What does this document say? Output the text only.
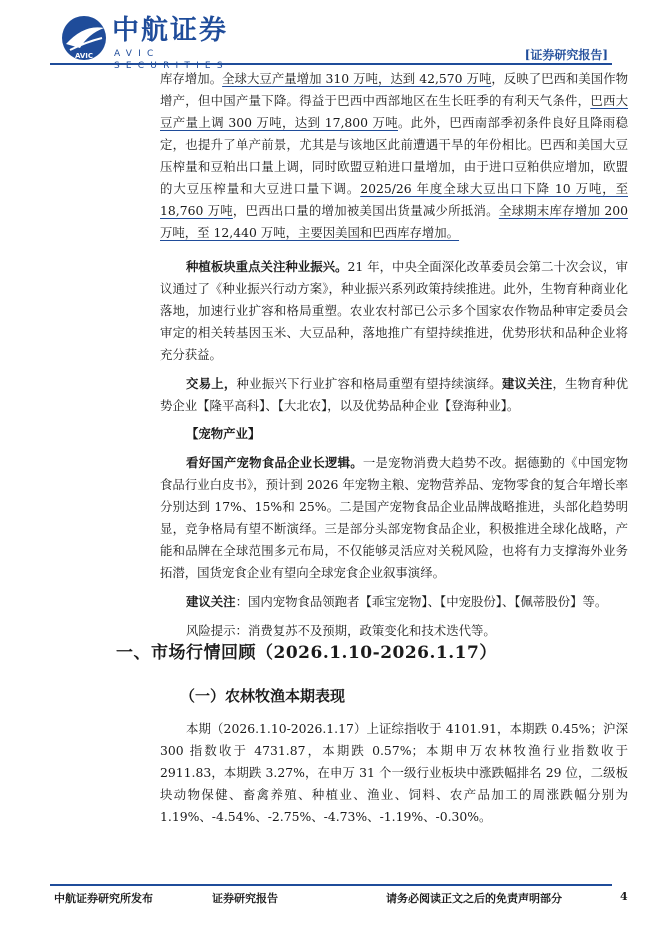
AVIC
中航证券
AVIC SECURITIES
[证券研究报告]

库存增加。全球大豆产量增加 310 万吨，达到 42,570 万吨，反映了巴西和美国作物增产，但中国产量下降。得益于巴西中西部地区在生长旺季的有利天气条件，巴西大豆产量上调 300 万吨，达到 17,800 万吨。此外，巴西南部季初条件良好且降雨稳定，也提升了单产前景，尤其是与该地区此前遭遇干旱的年份相比。巴西和美国大豆压榨量和豆粕出口量上调，同时欧盟豆粕进口量增加，由于进口豆粕供应增加，欧盟的大豆压榨量和大豆进口量下调。2025/26 年度全球大豆出口下降 10 万吨，至 18,760 万吨，巴西出口量的增加被美国出货量减少所抵消。全球期末库存增加 200 万吨，至 12,440 万吨，主要因美国和巴西库存增加。

种植板块重点关注种业振兴。21 年，中央全面深化改革委员会第二十次会议，审议通过了《种业振兴行动方案》，种业振兴系列政策持续推进。此外，生物育种商业化落地，加速行业扩容和格局重塑。农业农村部已公示多个国家农作物品种审定委员会审定的相关转基因玉米、大豆品种，落地推广有望持续推进，优势形状和品种企业将充分获益。

交易上，种业振兴下行业扩容和格局重塑有望持续演绎。建议关注，生物育种优势企业【隆平高科】、【大北农】，以及优势品种企业【登海种业】。

【宠物产业】

看好国产宠物食品企业长逻辑。一是宠物消费大趋势不改。据德勤的《中国宠物食品行业白皮书》，预计到 2026 年宠物主粮、宠物营养品、宠物零食的复合年增长率分别达到 17%、15%和 25%。二是国产宠物食品企业品牌战略推进，头部化趋势明显，竞争格局有望不断演绎。三是部分头部宠物食品企业，积极推进全球化战略，产能和品牌在全球范围多元布局，不仅能够灵活应对关税风险，也将有力支撑海外业务拓潜，国货宠食企业有望向全球宠食企业叙事演绎。

建议关注：国内宠物食品领跑者【乖宝宠物】、【中宠股份】、【佩蒂股份】等。

风险提示：消费复苏不及预期，政策变化和技术迭代等。

一、市场行情回顾（2026.1.10-2026.1.17）
（一）农林牧渔本期表现

本期（2026.1.10-2026.1.17）上证综指收于 4101.91，本期跌 0.45%；沪深 300 指数收于 4731.87，本期跌 0.57%；本期申万农林牧渔行业指数收于 2911.83，本期跌 3.27%，在申万 31 个一级行业板块中涨跌幅排名 29 位，二级板块动物保健、畜禽养殖、种植业、渔业、饲料、农产品加工的周涨跌幅分别为 1.19%、-4.54%、-2.75%、-4.73%、-1.19%、-0.30%。

中航证券研究所发布	证券研究报告	请务必阅读正文之后的免责声明部分	4
